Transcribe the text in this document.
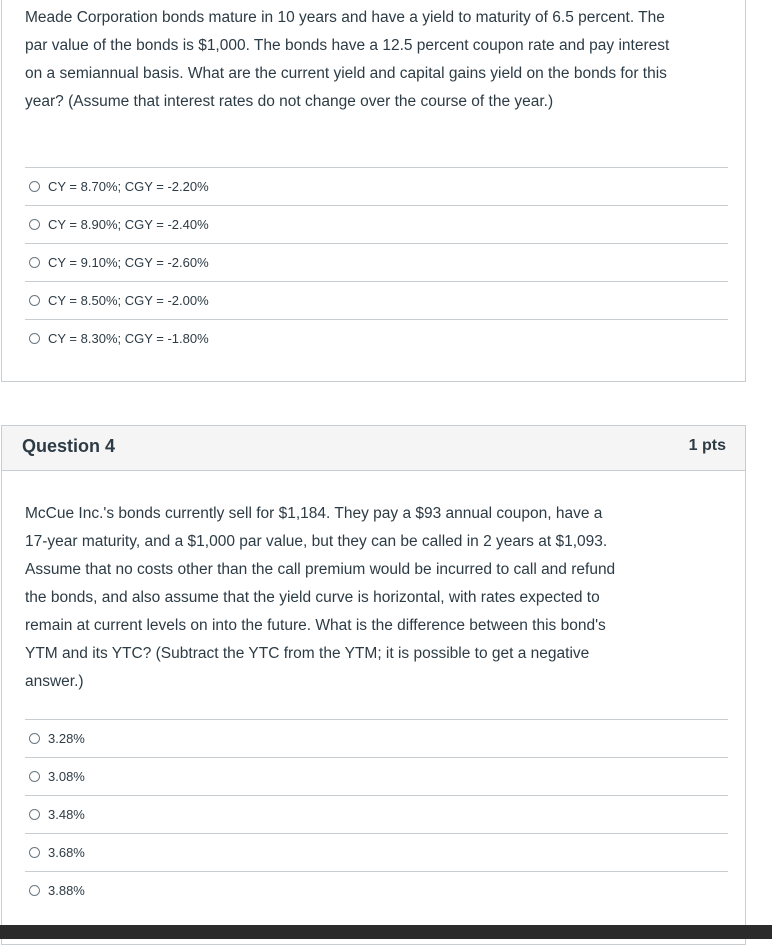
Meade Corporation bonds mature in 10 years and have a yield to maturity of 6.5 percent. The par value of the bonds is $1,000. The bonds have a 12.5 percent coupon rate and pay interest on a semiannual basis. What are the current yield and capital gains yield on the bonds for this year? (Assume that interest rates do not change over the course of the year.)
CY = 8.70%; CGY = -2.20%
CY = 8.90%; CGY = -2.40%
CY = 9.10%; CGY = -2.60%
CY = 8.50%; CGY = -2.00%
CY = 8.30%; CGY = -1.80%
Question 4	1 pts
McCue Inc.'s bonds currently sell for $1,184. They pay a $93 annual coupon, have a 17-year maturity, and a $1,000 par value, but they can be called in 2 years at $1,093. Assume that no costs other than the call premium would be incurred to call and refund the bonds, and also assume that the yield curve is horizontal, with rates expected to remain at current levels on into the future. What is the difference between this bond's YTM and its YTC? (Subtract the YTC from the YTM; it is possible to get a negative answer.)
3.28%
3.08%
3.48%
3.68%
3.88%
